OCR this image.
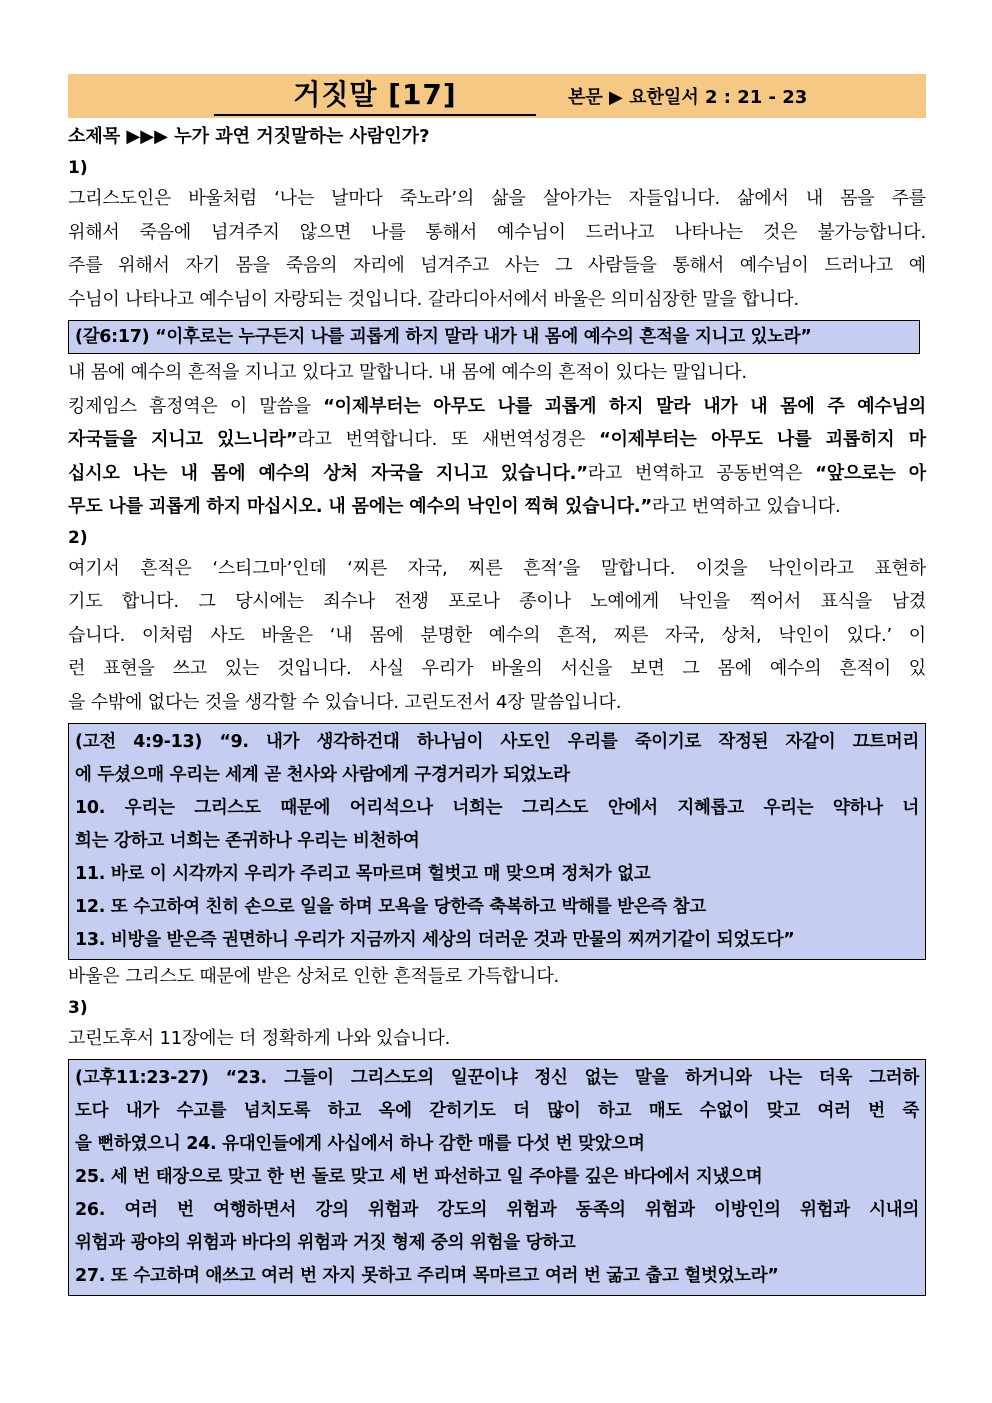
거짓말 [17]	본문 ▶ 요한일서 2 : 21 - 23
소제목 ▶▶▶ 누가 과연 거짓말하는 사람인가?
1)
그리스도인은 바울처럼 ‘나는 날마다 죽노라’의 삶을 살아가는 자들입니다. 삶에서 내 몸을 주를
위해서 죽음에 넘겨주지 않으면 나를 통해서 예수님이 드러나고 나타나는 것은 불가능합니다.
주를 위해서 자기 몸을 죽음의 자리에 넘겨주고 사는 그 사람들을 통해서 예수님이 드러나고 예
수님이 나타나고 예수님이 자랑되는 것입니다. 갈라디아서에서 바울은 의미심장한 말을 합니다.
(갈6:17) “이후로는 누구든지 나를 괴롭게 하지 말라 내가 내 몸에 예수의 흔적을 지니고 있노라”
내 몸에 예수의 흔적을 지니고 있다고 말합니다. 내 몸에 예수의 흔적이 있다는 말입니다.
킹제임스 흠정역은 이 말씀을 “이제부터는 아무도 나를 괴롭게 하지 말라 내가 내 몸에 주 예수님의
자국들을 지니고 있느니라”라고 번역합니다. 또 새번역성경은 “이제부터는 아무도 나를 괴롭히지 마
십시오 나는 내 몸에 예수의 상처 자국을 지니고 있습니다.”라고 번역하고 공동번역은 “앞으로는 아
무도 나를 괴롭게 하지 마십시오. 내 몸에는 예수의 낙인이 찍혀 있습니다.”라고 번역하고 있습니다.
2)
여기서 흔적은 ‘스티그마’인데 ‘찌른 자국, 찌른 흔적’을 말합니다. 이것을 낙인이라고 표현하
기도 합니다. 그 당시에는 죄수나 전쟁 포로나 종이나 노예에게 낙인을 찍어서 표식을 남겼
습니다. 이처럼 사도 바울은 ‘내 몸에 분명한 예수의 흔적, 찌른 자국, 상처, 낙인이 있다.’ 이
런 표현을 쓰고 있는 것입니다. 사실 우리가 바울의 서신을 보면 그 몸에 예수의 흔적이 있
을 수밖에 없다는 것을 생각할 수 있습니다. 고린도전서 4장 말씀입니다.
(고전 4:9-13) “9. 내가 생각하건대 하나님이 사도인 우리를 죽이기로 작정된 자같이 끄트머리
에 두셨으매 우리는 세계 곧 천사와 사람에게 구경거리가 되었노라
10. 우리는 그리스도 때문에 어리석으나 너희는 그리스도 안에서 지혜롭고 우리는 약하나 너
희는 강하고 너희는 존귀하나 우리는 비천하여
11. 바로 이 시각까지 우리가 주리고 목마르며 헐벗고 매 맞으며 정처가 없고
12. 또 수고하여 친히 손으로 일을 하며 모욕을 당한즉 축복하고 박해를 받은즉 참고
13. 비방을 받은즉 권면하니 우리가 지금까지 세상의 더러운 것과 만물의 찌꺼기같이 되었도다”
바울은 그리스도 때문에 받은 상처로 인한 흔적들로 가득합니다.
3)
고린도후서 11장에는 더 정확하게 나와 있습니다.
(고후11:23-27) “23. 그들이 그리스도의 일꾼이냐 정신 없는 말을 하거니와 나는 더욱 그러하
도다 내가 수고를 넘치도록 하고 옥에 갇히기도 더 많이 하고 매도 수없이 맞고 여러 번 죽
을 뻔하였으니 24. 유대인들에게 사십에서 하나 감한 매를 다섯 번 맞았으며
25. 세 번 태장으로 맞고 한 번 돌로 맞고 세 번 파선하고 일 주야를 깊은 바다에서 지냈으며
26. 여러 번 여행하면서 강의 위험과 강도의 위험과 동족의 위험과 이방인의 위험과 시내의
위험과 광야의 위험과 바다의 위험과 거짓 형제 중의 위험을 당하고
27. 또 수고하며 애쓰고 여러 번 자지 못하고 주리며 목마르고 여러 번 굶고 춥고 헐벗었노라”
